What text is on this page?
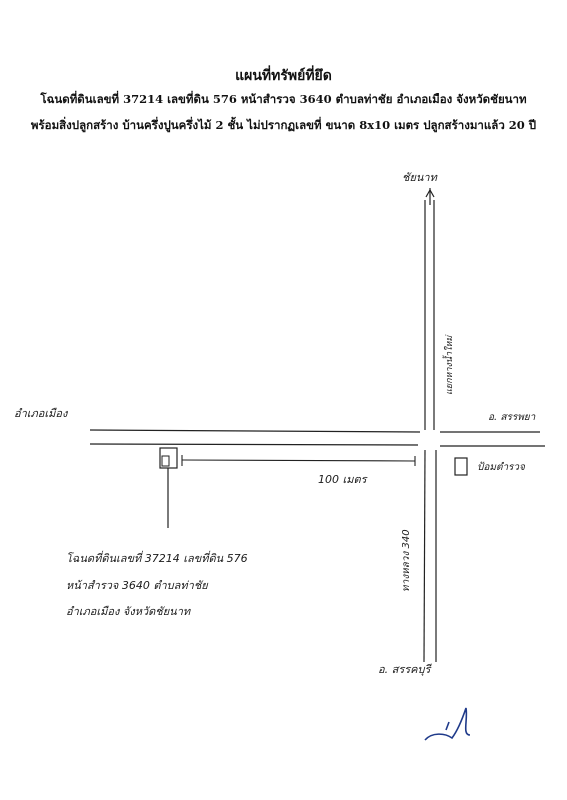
แผนที่ทรัพย์ที่ยึด
โฉนดที่ดินเลขที่ 37214 เลขที่ดิน 576 หน้าสำรวจ 3640 ตำบลท่าชัย อำเภอเมือง จังหวัดชัยนาท
พร้อมสิ่งปลูกสร้าง บ้านครึ่งปูนครึ่งไม้ 2 ชั้น ไม่ปรากฏเลขที่ ขนาด 8x10 เมตร ปลูกสร้างมาแล้ว 20 ปี
ชัยนาท
อำเภอเมือง	อ. สรรพยา
แยกหางน้ำใหม่
100 เมตร
ป้อมตำรวจ
ทางหลวง 340
อ. สรรคบุรี
โฉนดที่ดินเลขที่ 37214 เลขที่ดิน 576
หน้าสำรวจ 3640 ตำบลท่าชัย
อำเภอเมือง จังหวัดชัยนาท
